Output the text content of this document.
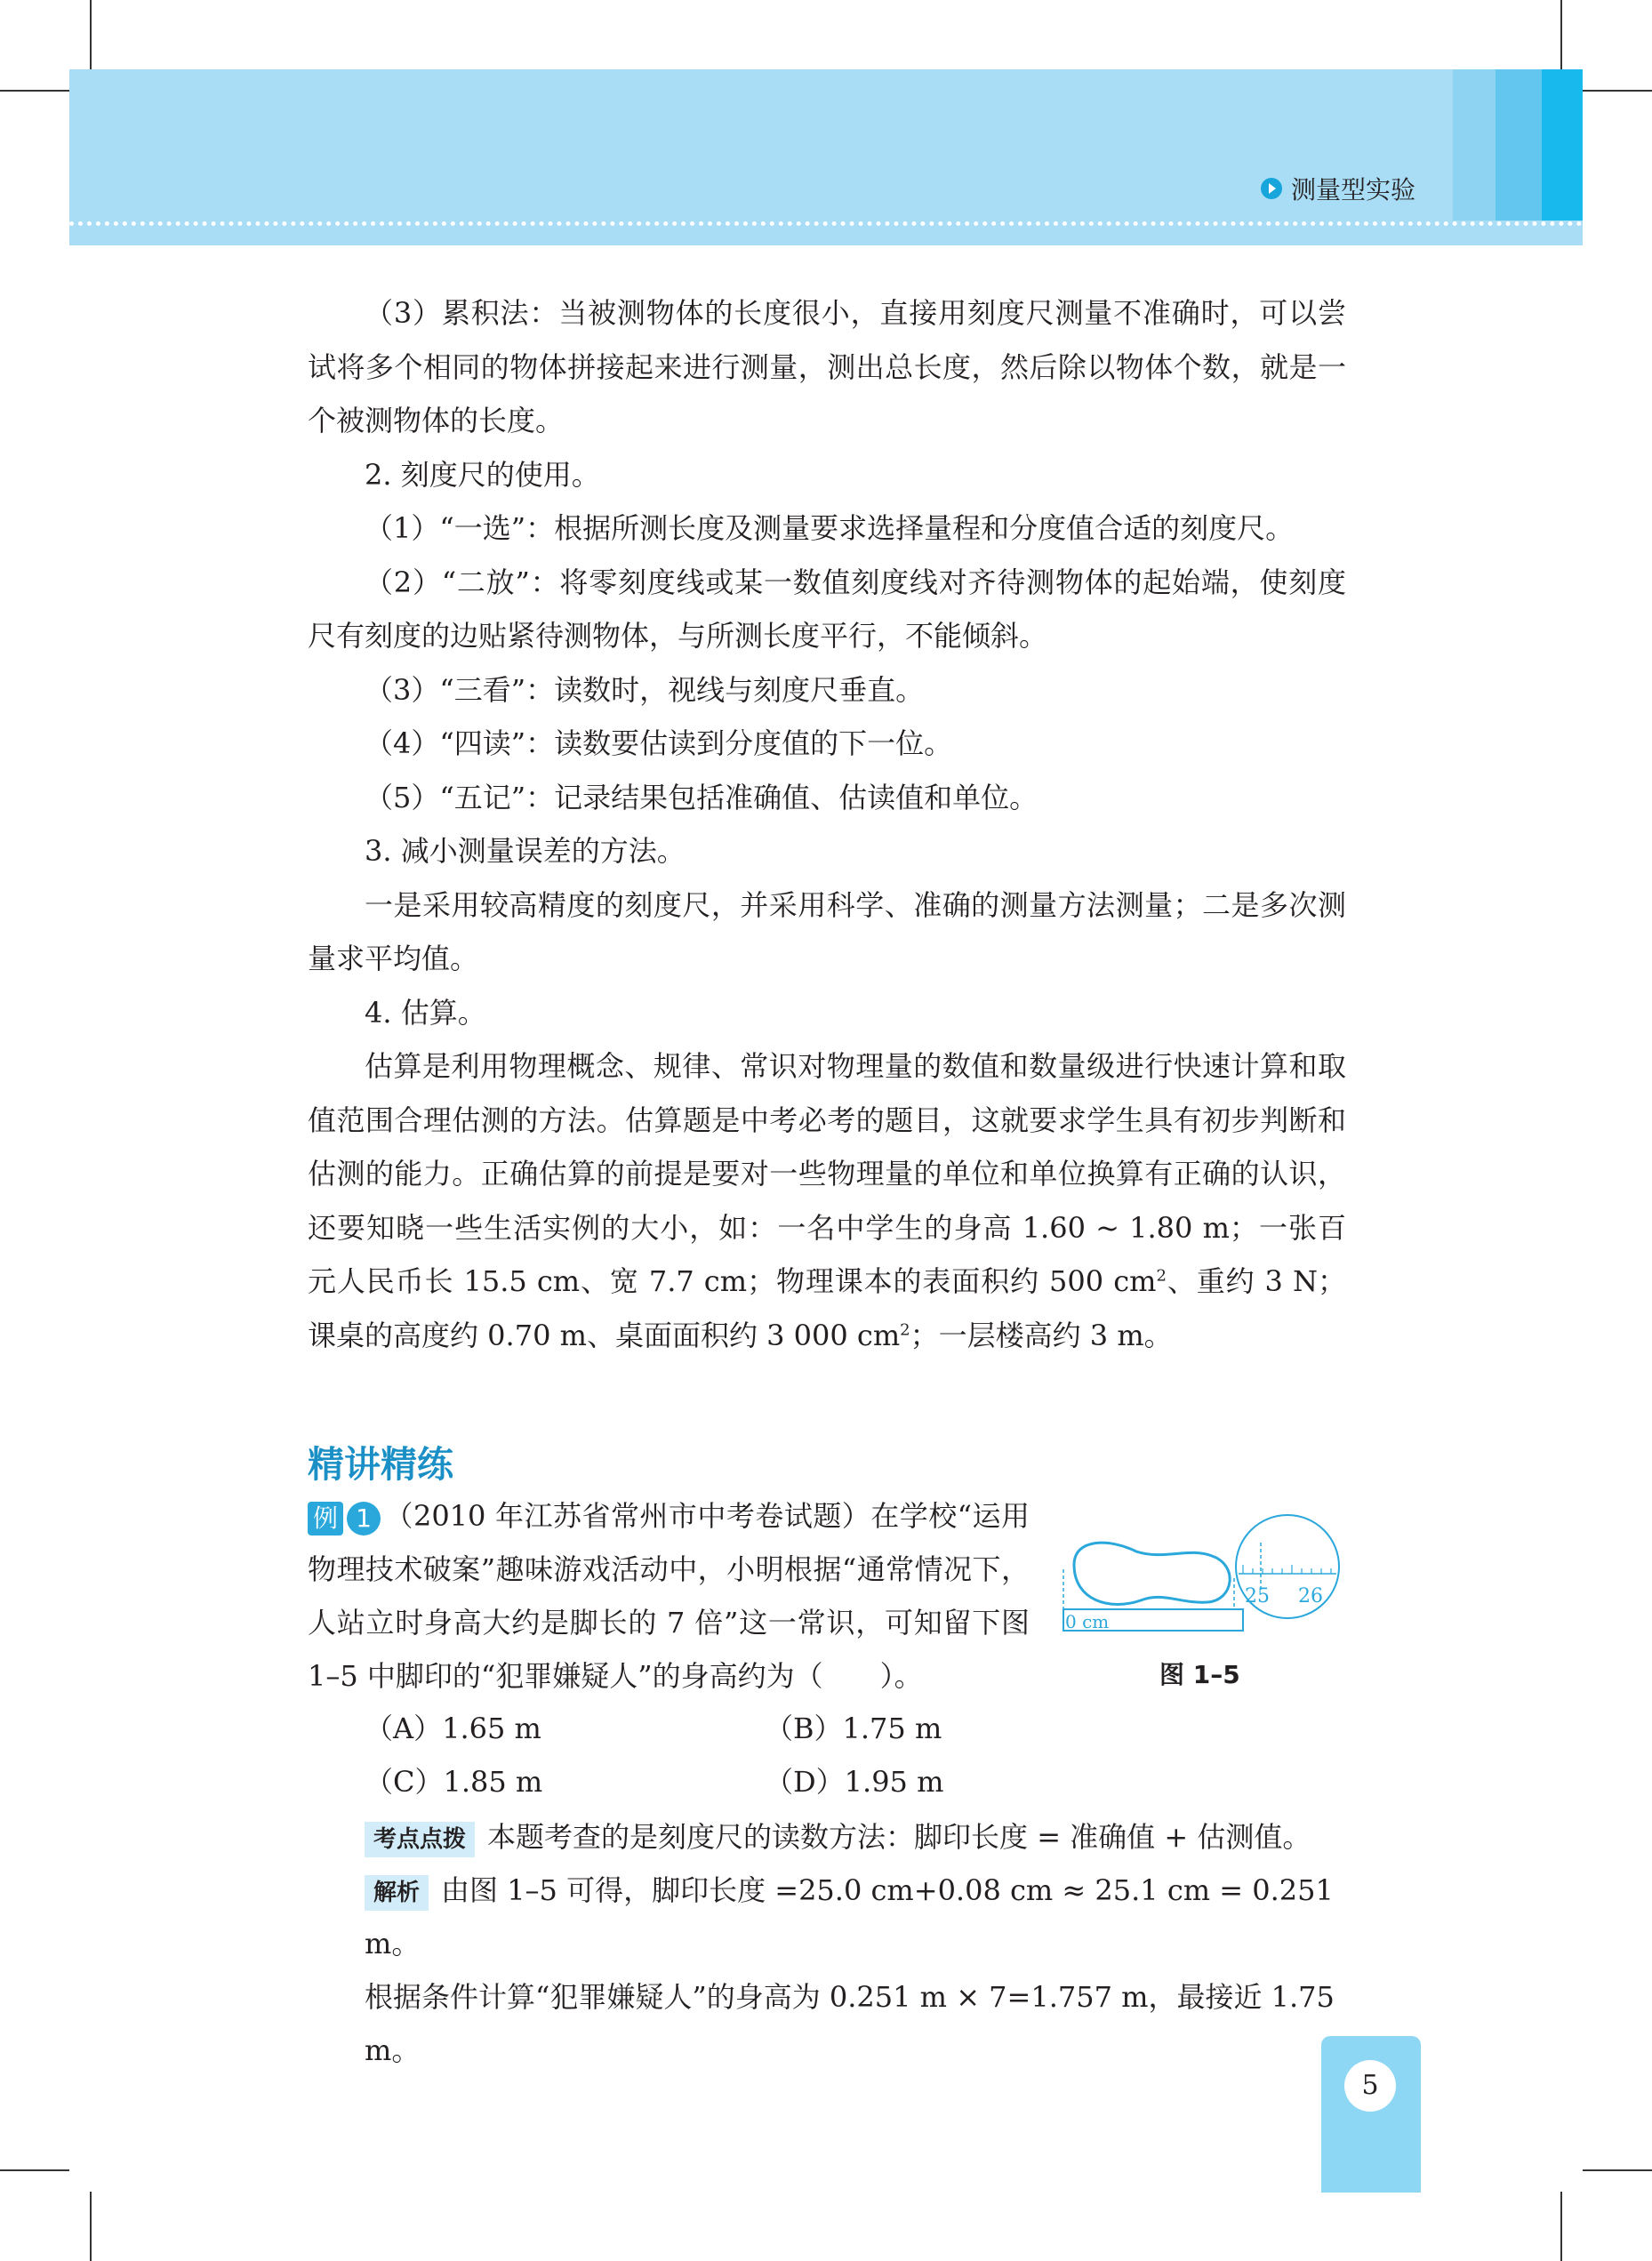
测量型实验

（3）累积法：当被测物体的长度很小，直接用刻度尺测量不准确时，可以尝试将多个相同的物体拼接起来进行测量，测出总长度，然后除以物体个数，就是一个被测物体的长度。

2. 刻度尺的使用。

（1）“一选”：根据所测长度及测量要求选择量程和分度值合适的刻度尺。

（2）“二放”：将零刻度线或某一数值刻度线对齐待测物体的起始端，使刻度尺有刻度的边贴紧待测物体，与所测长度平行，不能倾斜。

（3）“三看”：读数时，视线与刻度尺垂直。

（4）“四读”：读数要估读到分度值的下一位。

（5）“五记”：记录结果包括准确值、估读值和单位。

3. 减小测量误差的方法。

一是采用较高精度的刻度尺，并采用科学、准确的测量方法测量；二是多次测量求平均值。

4. 估算。

估算是利用物理概念、规律、常识对物理量的数值和数量级进行快速计算和取值范围合理估测的方法。估算题是中考必考的题目，这就要求学生具有初步判断和估测的能力。正确估算的前提是要对一些物理量的单位和单位换算有正确的认识，还要知晓一些生活实例的大小，如：一名中学生的身高 1.60 ~ 1.80 m；一张百元人民币长 15.5 cm、宽 7.7 cm；物理课本的表面积约 500 $cm^2$、重约 3 N；课桌的高度约 0.70 m、桌面面积约 3 000 $cm^2$；一层楼高约 3 m。

精讲精练
例 1 （2010 年江苏省常州市中考卷试题）在学校“运用物理技术破案”趣味游戏活动中，小明根据“通常情况下，人站立时身高大约是脚长的 7 倍”这一常识，可知留下图 1–5 中脚印的“犯罪嫌疑人”的身高约为（　　）。
25 26
0 cm
图 1–5
（A）1.65 m	（B）1.75 m
（C）1.85 m	（D）1.95 m
考点点拨 本题考查的是刻度尺的读数方法：脚印长度 = 准确值 + 估测值。
解析 由图 1–5 可得，脚印长度 =25.0 cm+0.08 cm ≈ 25.1 cm = 0.251 m。
根据条件计算“犯罪嫌疑人”的身高为 0.251 m × 7=1.757 m，最接近 1.75 m。
5
